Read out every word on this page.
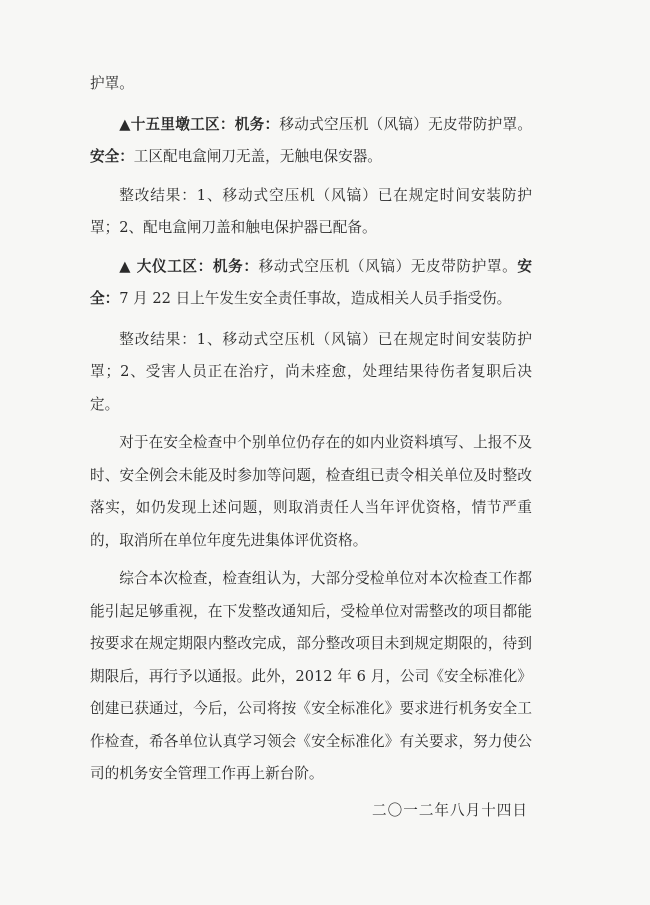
护罩。

▲十五里墩工区：机务：移动式空压机（风镐）无皮带防护罩。安全：工区配电盒闸刀无盖，无触电保安器。

整改结果：1、移动式空压机（风镐）已在规定时间安装防护罩；2、配电盒闸刀盖和触电保护器已配备。

▲ 大仪工区：机务：移动式空压机（风镐）无皮带防护罩。安全：7 月 22 日上午发生安全责任事故，造成相关人员手指受伤。

整改结果：1、移动式空压机（风镐）已在规定时间安装防护罩；2、受害人员正在治疗，尚未痊愈，处理结果待伤者复职后决定。

对于在安全检查中个别单位仍存在的如内业资料填写、上报不及时、安全例会未能及时参加等问题，检查组已责令相关单位及时整改落实，如仍发现上述问题，则取消责任人当年评优资格，情节严重的，取消所在单位年度先进集体评优资格。

综合本次检查，检查组认为，大部分受检单位对本次检查工作都能引起足够重视，在下发整改通知后，受检单位对需整改的项目都能按要求在规定期限内整改完成，部分整改项目未到规定期限的，待到期限后，再行予以通报。此外，2012 年 6 月，公司《安全标准化》创建已获通过，今后，公司将按《安全标准化》要求进行机务安全工作检查，希各单位认真学习领会《安全标准化》有关要求，努力使公司的机务安全管理工作再上新台阶。

二〇一二年八月十四日
